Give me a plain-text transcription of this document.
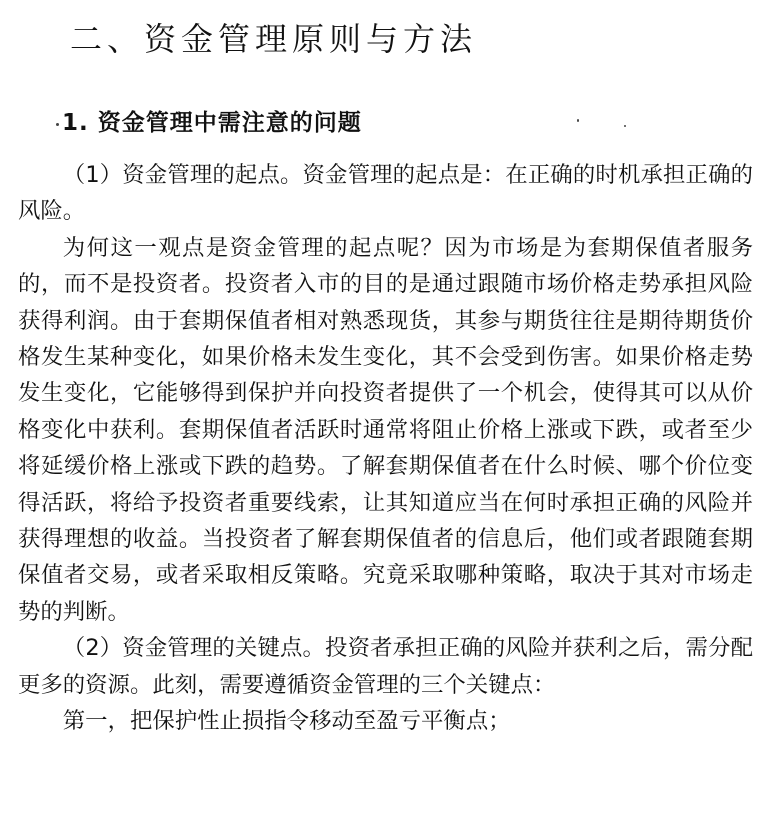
二、资金管理原则与方法
1. 资金管理中需注意的问题

（1）资金管理的起点。资金管理的起点是：在正确的时机承担正确的风险。

为何这一观点是资金管理的起点呢？因为市场是为套期保值者服务的，而不是投资者。投资者入市的目的是通过跟随市场价格走势承担风险获得利润。由于套期保值者相对熟悉现货，其参与期货往往是期待期货价格发生某种变化，如果价格未发生变化，其不会受到伤害。如果价格走势发生变化，它能够得到保护并向投资者提供了一个机会，使得其可以从价格变化中获利。套期保值者活跃时通常将阻止价格上涨或下跌，或者至少将延缓价格上涨或下跌的趋势。了解套期保值者在什么时候、哪个价位变得活跃，将给予投资者重要线索，让其知道应当在何时承担正确的风险并获得理想的收益。当投资者了解套期保值者的信息后，他们或者跟随套期保值者交易，或者采取相反策略。究竟采取哪种策略，取决于其对市场走势的判断。

（2）资金管理的关键点。投资者承担正确的风险并获利之后，需分配更多的资源。此刻，需要遵循资金管理的三个关键点：

第一，把保护性止损指令移动至盈亏平衡点；
